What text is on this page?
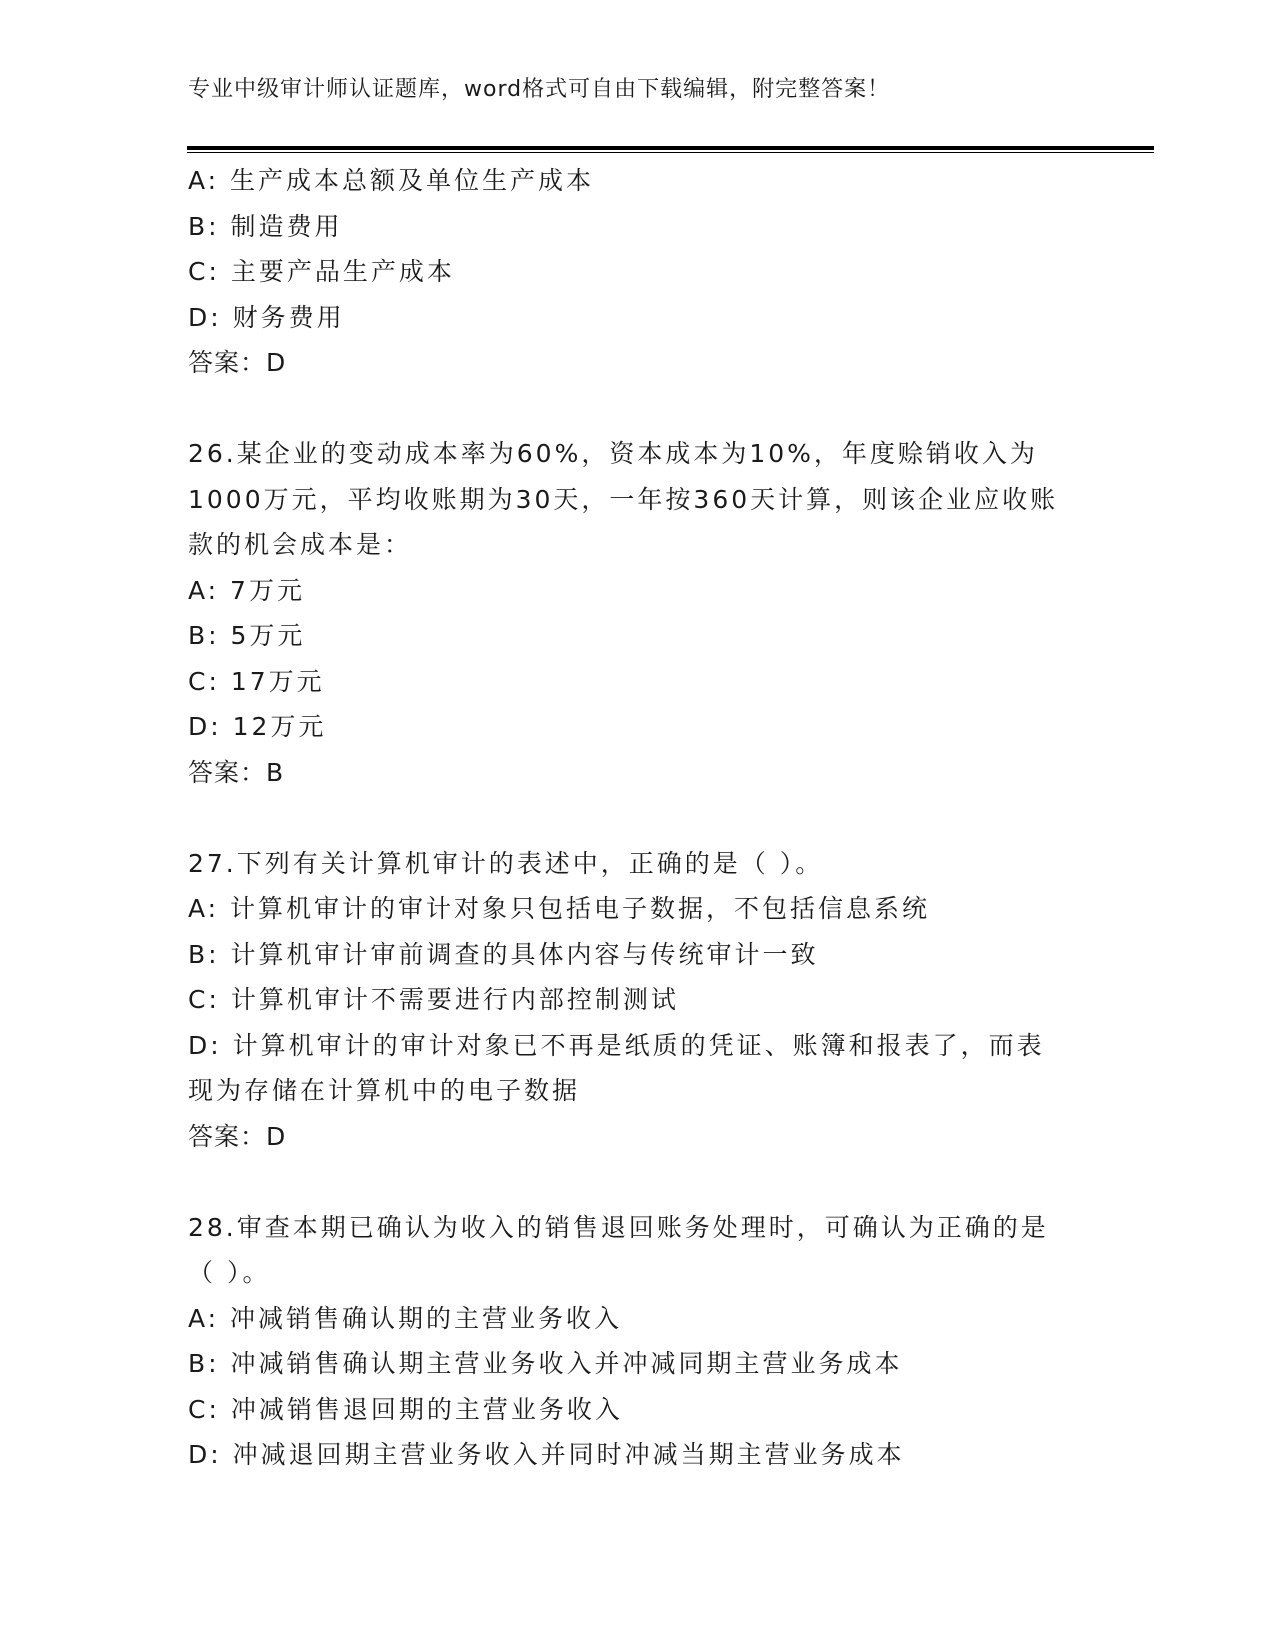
专业中级审计师认证题库，word格式可自由下载编辑，附完整答案！
A: 生产成本总额及单位生产成本
B: 制造费用
C: 主要产品生产成本
D: 财务费用
答案：D
26.某企业的变动成本率为60%，资本成本为10%，年度赊销收入为
1000万元，平均收账期为30天，一年按360天计算，则该企业应收账
款的机会成本是：
A: 7万元
B: 5万元
C: 17万元
D: 12万元
答案：B
27.下列有关计算机审计的表述中，正确的是（ ）。
A: 计算机审计的审计对象只包括电子数据，不包括信息系统
B: 计算机审计审前调查的具体内容与传统审计一致
C: 计算机审计不需要进行内部控制测试
D: 计算机审计的审计对象已不再是纸质的凭证、账簿和报表了，而表
现为存储在计算机中的电子数据
答案：D
28.审查本期已确认为收入的销售退回账务处理时，可确认为正确的是
（ ）。
A: 冲减销售确认期的主营业务收入
B: 冲减销售确认期主营业务收入并冲减同期主营业务成本
C: 冲减销售退回期的主营业务收入
D: 冲减退回期主营业务收入并同时冲减当期主营业务成本
